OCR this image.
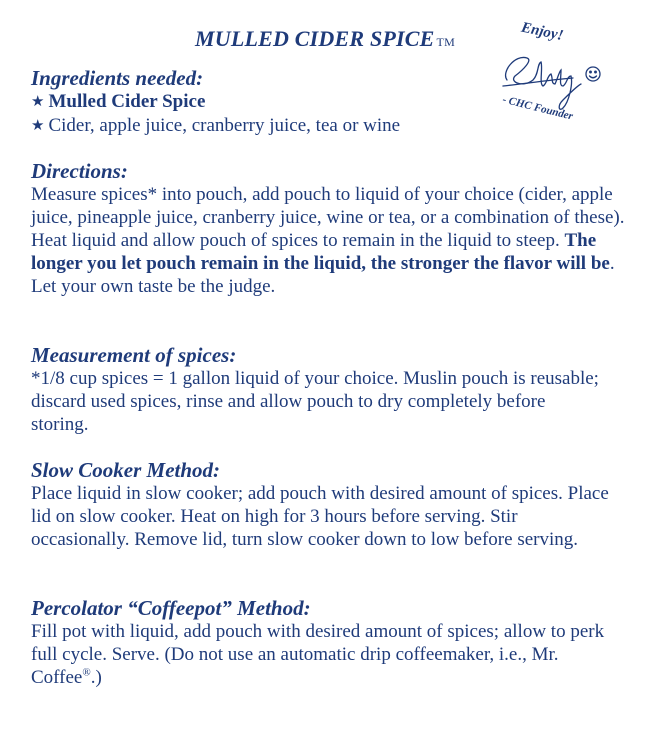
MULLED CIDER SPICE TM	Enjoy!
- CHC Founder
Ingredients needed:
★ Mulled Cider Spice
★ Cider, apple juice, cranberry juice, tea or wine
Directions:

Measure spices* into pouch, add pouch to liquid of your choice (cider, apple juice, pineapple juice, cranberry juice, wine or tea, or a combination of these). Heat liquid and allow pouch of spices to remain in the liquid to steep. The longer you let pouch remain in the liquid, the stronger the flavor will be. Let your own taste be the judge.

Measurement of spices:

*1/8 cup spices = 1 gallon liquid of your choice. Muslin pouch is reusable; discard used spices, rinse and allow pouch to dry completely before storing.

Slow Cooker Method:

Place liquid in slow cooker; add pouch with desired amount of spices. Place lid on slow cooker. Heat on high for 3 hours before serving. Stir occasionally. Remove lid, turn slow cooker down to low before serving.

Percolator “Coffeepot” Method:

Fill pot with liquid, add pouch with desired amount of spices; allow to perk full cycle. Serve. (Do not use an automatic drip coffeemaker, i.e., Mr. Coffee®.)
